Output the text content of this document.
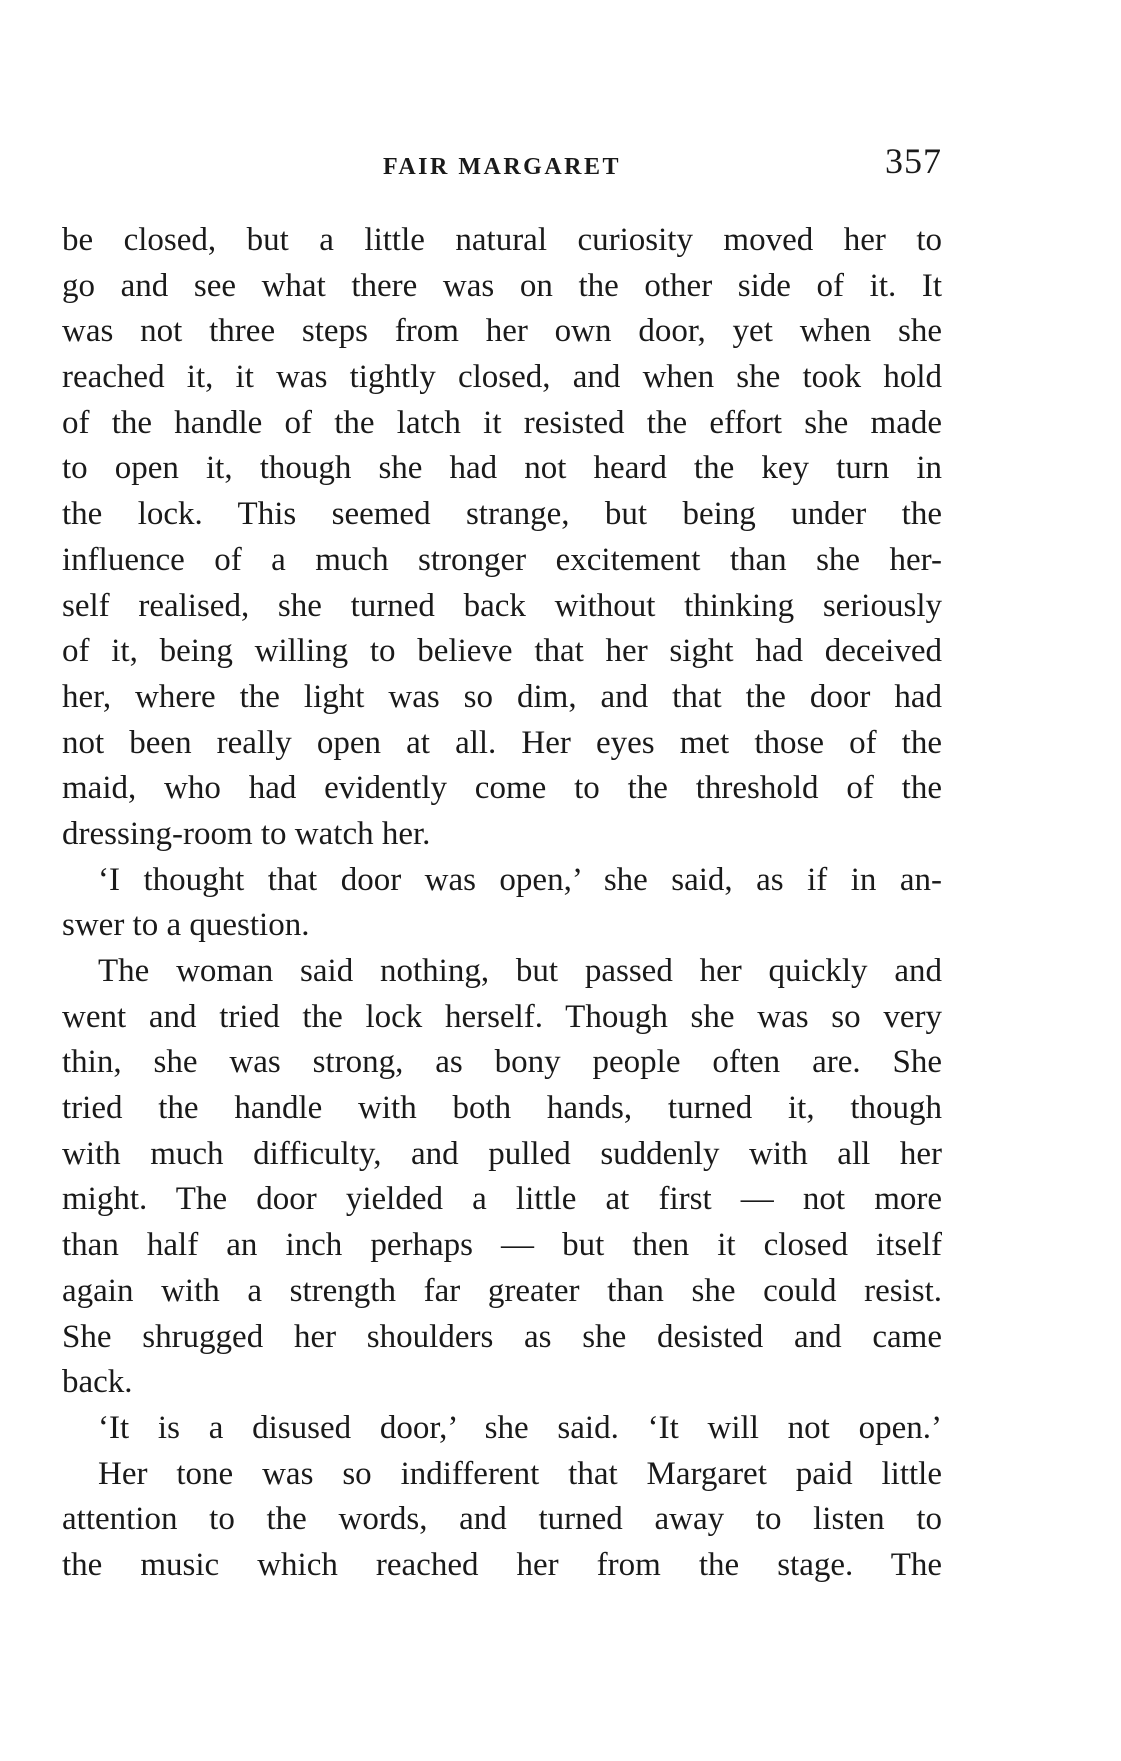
FAIR MARGARET	357
be closed, but a little natural curiosity moved her to
go and see what there was on the other side of it. It
was not three steps from her own door, yet when she
reached it, it was tightly closed, and when she took hold
of the handle of the latch it resisted the effort she made
to open it, though she had not heard the key turn in
the lock. This seemed strange, but being under the
influence of a much stronger excitement than she her-
self realised, she turned back without thinking seriously
of it, being willing to believe that her sight had deceived
her, where the light was so dim, and that the door had
not been really open at all. Her eyes met those of the
maid, who had evidently come to the threshold of the
dressing-room to watch her.
‘I thought that door was open,’ she said, as if in an-
swer to a question.
The woman said nothing, but passed her quickly and
went and tried the lock herself. Though she was so very
thin, she was strong, as bony people often are. She
tried the handle with both hands, turned it, though
with much difficulty, and pulled suddenly with all her
might. The door yielded a little at first — not more
than half an inch perhaps — but then it closed itself
again with a strength far greater than she could resist.
She shrugged her shoulders as she desisted and came
back.
‘It is a disused door,’ she said. ‘It will not open.’
Her tone was so indifferent that Margaret paid little
attention to the words, and turned away to listen to
the music which reached her from the stage. The
